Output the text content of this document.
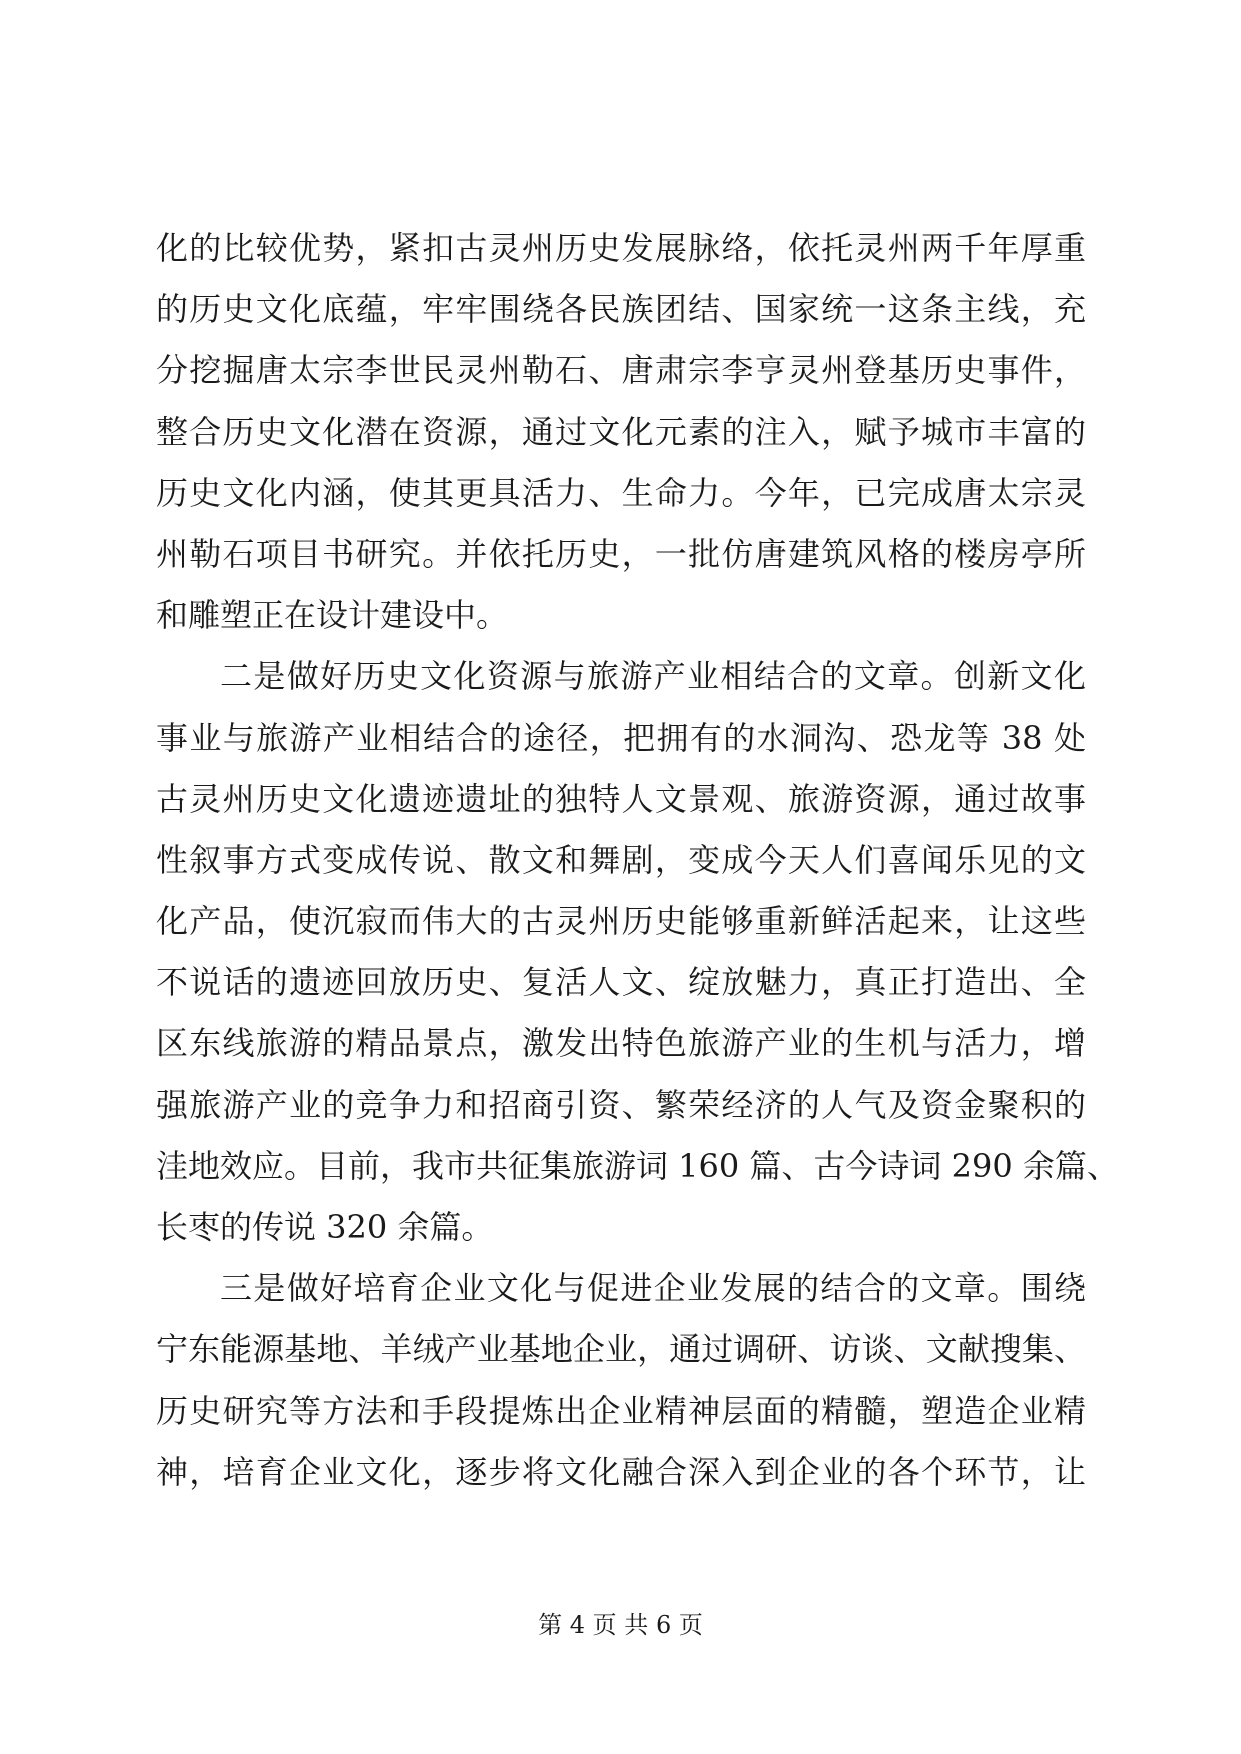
化的比较优势，紧扣古灵州历史发展脉络，依托灵州两千年厚重
的历史文化底蕴，牢牢围绕各民族团结、国家统一这条主线，充
分挖掘唐太宗李世民灵州勒石、唐肃宗李亨灵州登基历史事件，
整合历史文化潜在资源，通过文化元素的注入，赋予城市丰富的
历史文化内涵，使其更具活力、生命力。今年，已完成唐太宗灵
州勒石项目书研究。并依托历史，一批仿唐建筑风格的楼房亭所
和雕塑正在设计建设中。
二是做好历史文化资源与旅游产业相结合的文章。创新文化
事业与旅游产业相结合的途径，把拥有的水洞沟、恐龙等 38 处
古灵州历史文化遗迹遗址的独特人文景观、旅游资源，通过故事
性叙事方式变成传说、散文和舞剧，变成今天人们喜闻乐见的文
化产品，使沉寂而伟大的古灵州历史能够重新鲜活起来，让这些
不说话的遗迹回放历史、复活人文、绽放魅力，真正打造出、全
区东线旅游的精品景点，激发出特色旅游产业的生机与活力，增
强旅游产业的竞争力和招商引资、繁荣经济的人气及资金聚积的
洼地效应。目前，我市共征集旅游词 160 篇、古今诗词 290 余篇、
长枣的传说 320 余篇。
三是做好培育企业文化与促进企业发展的结合的文章。围绕
宁东能源基地、羊绒产业基地企业，通过调研、访谈、文献搜集、
历史研究等方法和手段提炼出企业精神层面的精髓，塑造企业精
神，培育企业文化，逐步将文化融合深入到企业的各个环节，让
第 4 页 共 6 页
